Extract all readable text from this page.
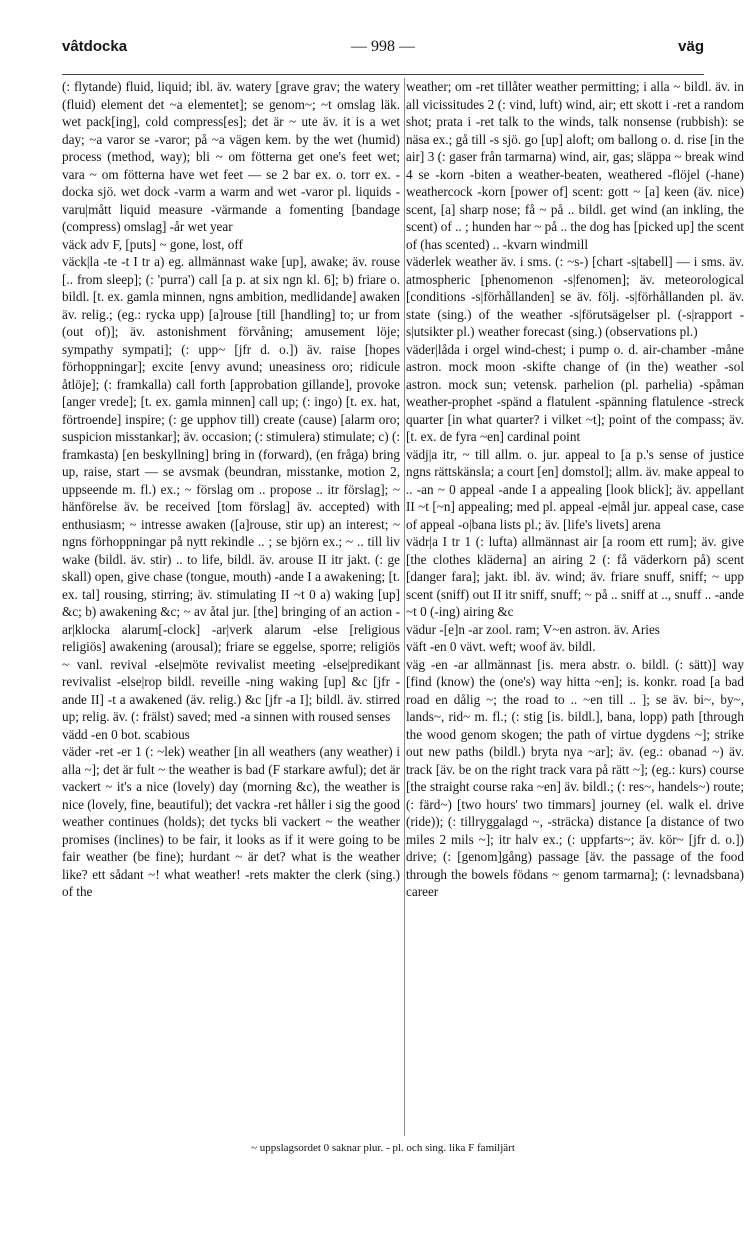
vâtdocka	— 998 —	väg

(: flytande) fluid, liquid; ibl. äv. watery [grave grav; the watery (fluid) element det ~a elementet]; se genom~; ~t omslag läk. wet pack[ing], cold compress[es]; det är ~ ute äv. it is a wet day; ~a varor se -varor; på ~a vägen kem. by the wet (humid) process (method, way); bli ~ om fötterna get one's feet wet; vara ~ om fötterna have wet feet — se 2 bar ex. o. torr ex. -docka sjö. wet dock -varm a warm and wet -varor pl. liquids -varu|mått liquid measure -värmande a fomenting [bandage (compress) omslag] -år wet year

väck adv F, [puts] ~ gone, lost, off

väck|la -te -t I tr a) eg. allmännast wake [up], awake; äv. rouse [.. from sleep]; (: 'purra') call [a p. at six ngn kl. 6]; b) friare o. bildl. [t. ex. gamla minnen, ngns ambition, medlidande] awaken äv. relig.; (eg.: rycka upp) [a]rouse [till [handling] to; ur from (out of)]; äv. astonishment förvåning; amusement löje; sympathy sympati]; (: upp~ [jfr d. o.]) äv. raise [hopes förhoppningar]; excite [envy avund; uneasiness oro; ridicule åtlöje]; (: framkalla) call forth [approbation gillande], provoke [anger vrede]; [t. ex. gamla minnen] call up; (: ingo) [t. ex. hat, förtroende] inspire; (: ge upphov till) create (cause) [alarm oro; suspicion misstankar]; äv. occasion; (: stimulera) stimulate; c) (: framkasta) [en beskyllning] bring in (forward), (en fråga) bring up, raise, start — se avsmak (beundran, misstanke, motion 2, uppseende m. fl.) ex.; ~ förslag om .. propose .. itr förslag]; ~ hänförelse äv. be received [tom förslag] äv. accepted) with enthusiasm; ~ intresse awaken ([a]rouse, stir up) an interest; ~ ngns förhoppningar på nytt rekindle .. ; se björn ex.; ~ .. till liv wake (bildl. äv. stir) .. to life, bildl. äv. arouse II itr jakt. (: ge skall) open, give chase (tongue, mouth) -ande I a awakening; [t. ex. tal] rousing, stirring; äv. stimulating II ~t 0 a) waking [up] &c; b) awakening &c; ~ av åtal jur. [the] bringing of an action -ar|klocka alarum[-clock] -ar|verk alarum -else [religious religiös] awakening (arousal); friare se eggelse, sporre; religiös ~ vanl. revival -else|möte revivalist meeting -else|predikant revivalist -else|rop bildl. reveille -ning waking [up] &c [jfr -ande II] -t a awakened (äv. relig.) &c [jfr -a I]; bildl. äv. stirred up; relig. äv. (: frälst) saved; med -a sinnen with roused senses

vädd -en 0 bot. scabious

väder -ret -er 1 (: ~lek) weather [in all weathers (any weather) i alla ~]; det är fult ~ the weather is bad (F starkare awful); det är vackert ~ it's a nice (lovely) day (morning &c), the weather is nice (lovely, fine, beautiful); det vackra -ret håller i sig the good weather continues (holds); det tycks bli vackert ~ the weather promises (inclines) to be fair, it looks as if it were going to be fair weather (be fine); hurdant ~ är det? what is the weather like? ett sådant ~! what weather! -rets makter the clerk (sing.) of the

weather; om -ret tillåter weather permitting; i alla ~ bildl. äv. in all vicissitudes 2 (: vind, luft) wind, air; ett skott i -ret a random shot; prata i -ret talk to the winds, talk nonsense (rubbish): se näsa ex.; gå till -s sjö. go [up] aloft; om ballong o. d. rise [in the air] 3 (: gaser från tarmarna) wind, air, gas; släppa ~ break wind 4 se -korn -biten a weather-beaten, weathered -flöjel (-hane) weathercock -korn [power of] scent: gott ~ [a] keen (äv. nice) scent, [a] sharp nose; få ~ på .. bildl. get wind (an inkling, the scent) of .. ; hunden har ~ på .. the dog has [picked up] the scent of (has scented) .. -kvarn windmill

väderlek weather äv. i sms. (: ~s-) [chart -s|tabell] — i sms. äv. atmospheric [phenomenon -s|fenomen]; äv. meteorological [conditions -s|förhållanden] se äv. följ. -s|förhållanden pl. äv. state (sing.) of the weather -s|förutsägelser pl. (-s|rapport -s|utsikter pl.) weather forecast (sing.) (observations pl.)

väder|låda i orgel wind-chest; i pump o. d. air-chamber -måne astron. mock moon -skifte change of (in the) weather -sol astron. mock sun; vetensk. parhelion (pl. parhelia) -spåman weather-prophet -spänd a flatulent -spänning flatulence -streck quarter [in what quarter? i vilket ~t]; point of the compass; äv. [t. ex. de fyra ~en] cardinal point

vädj|a itr, ~ till allm. o. jur. appeal to [a p.'s sense of justice ngns rättskänsla; a court [en] domstol]; allm. äv. make appeal to .. -an ~ 0 appeal -ande I a appealing [look blick]; äv. appellant II ~t [~n] appealing; med pl. appeal -e|mål jur. appeal case, case of appeal -o|bana lists pl.; äv. [life's livets] arena

vädr|a I tr 1 (: lufta) allmännast air [a room ett rum]; äv. give [the clothes kläderna] an airing 2 (: få väderkorn på) scent [danger fara]; jakt. ibl. äv. wind; äv. friare snuff, sniff; ~ upp scent (sniff) out II itr sniff, snuff; ~ på .. sniff at .., snuff .. -ande ~t 0 (-ing) airing &c

vädur -[e]n -ar zool. ram; V~en astron. äv. Aries

väft -en 0 vävt. weft; woof äv. bildl.

väg -en -ar allmännast [is. mera abstr. o. bildl. (: sätt)] way [find (know) the (one's) way hitta ~en]; is. konkr. road [a bad road en dålig ~; the road to .. ~en till .. ]; se äv. bi~, by~, lands~, rid~ m. fl.; (: stig [is. bildl.], bana, lopp) path [through the wood genom skogen; the path of virtue dygdens ~]; strike out new paths (bildl.) bryta nya ~ar]; äv. (eg.: obanad ~) äv. track [äv. be on the right track vara på rätt ~]; (eg.: kurs) course [the straight course raka ~en] äv. bildl.; (: res~, handels~) route; (: färd~) [two hours' two timmars] journey (el. walk el. drive (ride)); (: tillryggalagd ~, -sträcka) distance [a distance of two miles 2 mils ~]; itr halv ex.; (: uppfarts~; äv. kör~ [jfr d. o.]) drive; (: [genom]gång) passage [äv. the passage of the food through the bowels födans ~ genom tarmarna]; (: levnadsbana) career

~ uppslagsordet 0 saknar plur. - pl. och sing. lika F familjärt
